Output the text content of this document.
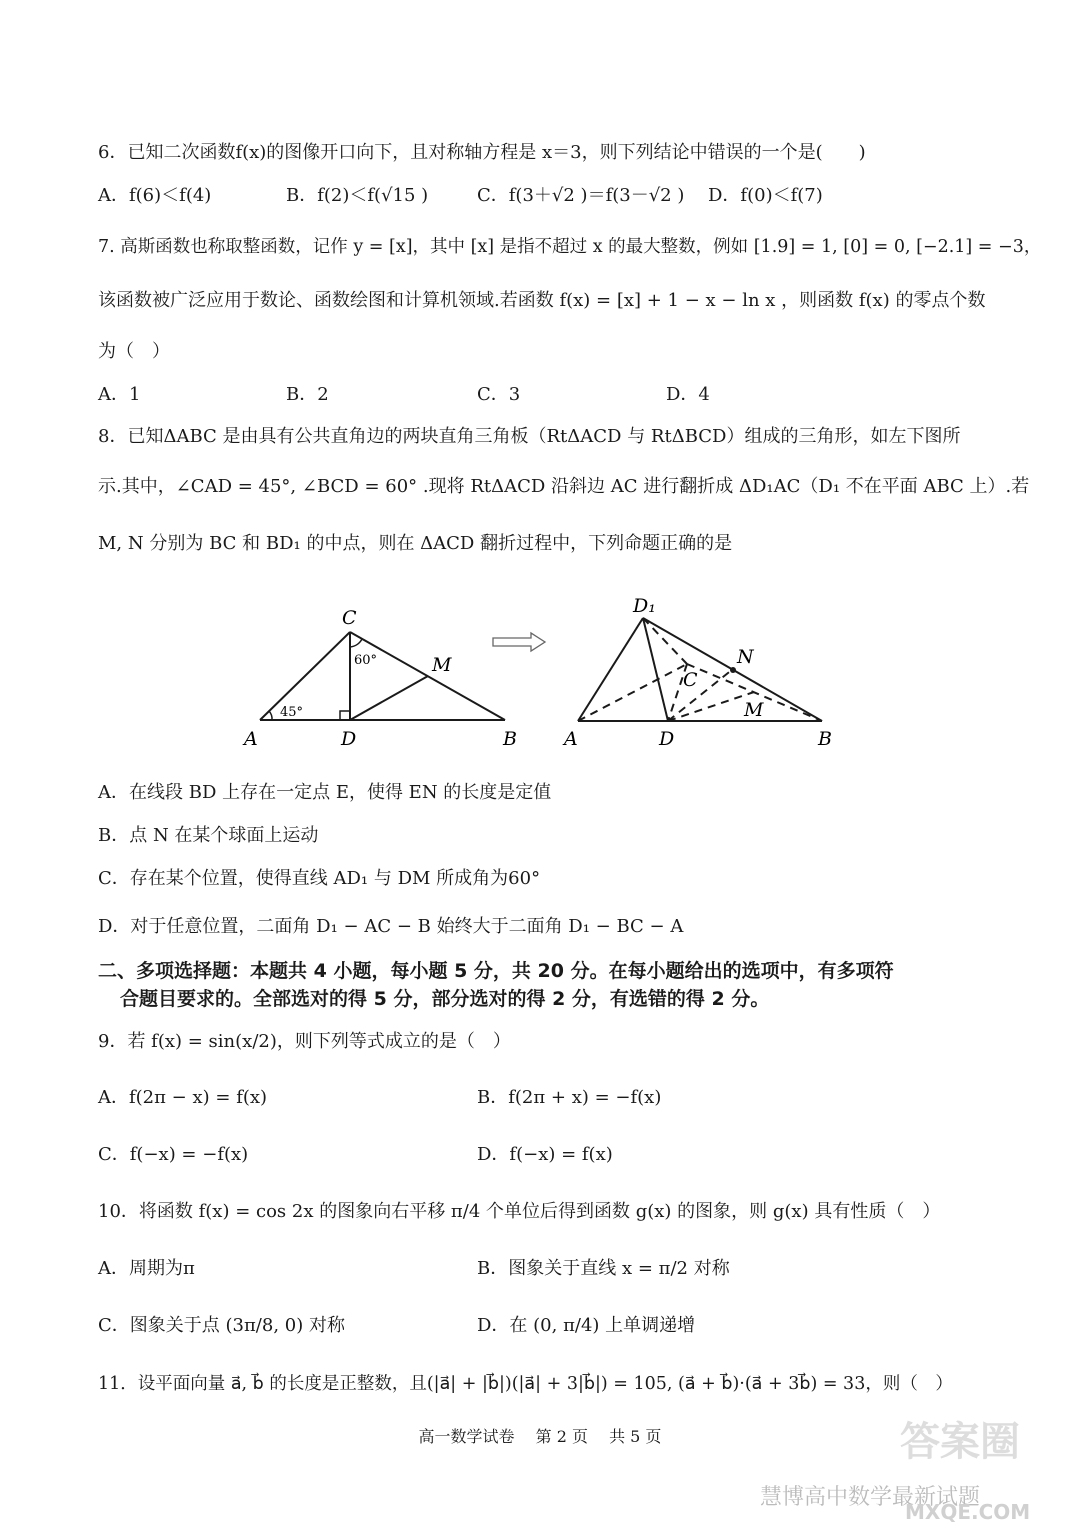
6．已知二次函数f(x)的图像开口向下，且对称轴方程是 x＝3，则下列结论中错误的一个是(　　)
A．f(6)＜f(4)	B．f(2)＜f(√15 )	C．f(3＋√2 )＝f(3－√2 ) D．f(0)＜f(7)
7. 高斯函数也称取整函数，记作 y = [x]，其中 [x] 是指不超过 x 的最大整数，例如 [1.9] = 1, [0] = 0, [−2.1] = −3，
该函数被广泛应用于数论、函数绘图和计算机领域.若函数 f(x) = [x] + 1 − x − ln x ，则函数 f(x) 的零点个数
为（　）
A．1	B．2	C．3	D．4
8．已知ΔABC 是由具有公共直角边的两块直角三角板（RtΔACD 与 RtΔBCD）组成的三角形，如左下图所
示.其中，∠CAD = 45°, ∠BCD = 60° .现将 RtΔACD 沿斜边 AC 进行翻折成 ΔD₁AC（D₁ 不在平面 ABC 上）.若
M, N 分别为 BC 和 BD₁ 的中点，则在 ΔACD 翻折过程中，下列命题正确的是
C
A	D	B
M
45°
60°
D₁
C
N
M
A	D	B
A．在线段 BD 上存在一定点 E，使得 EN 的长度是定值
B．点 N 在某个球面上运动
C．存在某个位置，使得直线 AD₁ 与 DM 所成角为60°
D．对于任意位置，二面角 D₁ − AC − B 始终大于二面角 D₁ − BC − A
二、多项选择题：本题共 4 小题，每小题 5 分，共 20 分。在每小题给出的选项中，有多项符
合题目要求的。全部选对的得 5 分，部分选对的得 2 分，有选错的得 2 分。
9．若 f(x) = sin(x/2)，则下列等式成立的是（　）
A．f(2π − x) = f(x)	B．f(2π + x) = −f(x)
C．f(−x) = −f(x)	D．f(−x) = f(x)
10．将函数 f(x) = cos 2x 的图象向右平移 π/4 个单位后得到函数 g(x) 的图象，则 g(x) 具有性质（　）
A．周期为π	B．图象关于直线 x = π/2 对称
C．图象关于点 (3π/8, 0) 对称	D．在 (0, π/4) 上单调递增
11．设平面向量 a⃗, b⃗ 的长度是正整数，且(|a⃗| + |b⃗|)(|a⃗| + 3|b⃗|) = 105, (a⃗ + b⃗)·(a⃗ + 3b⃗) = 33，则（　）
高一数学试卷　 第 2 页　 共 5 页	答案圈
慧博高中数学最新试题
MXQE.COM
